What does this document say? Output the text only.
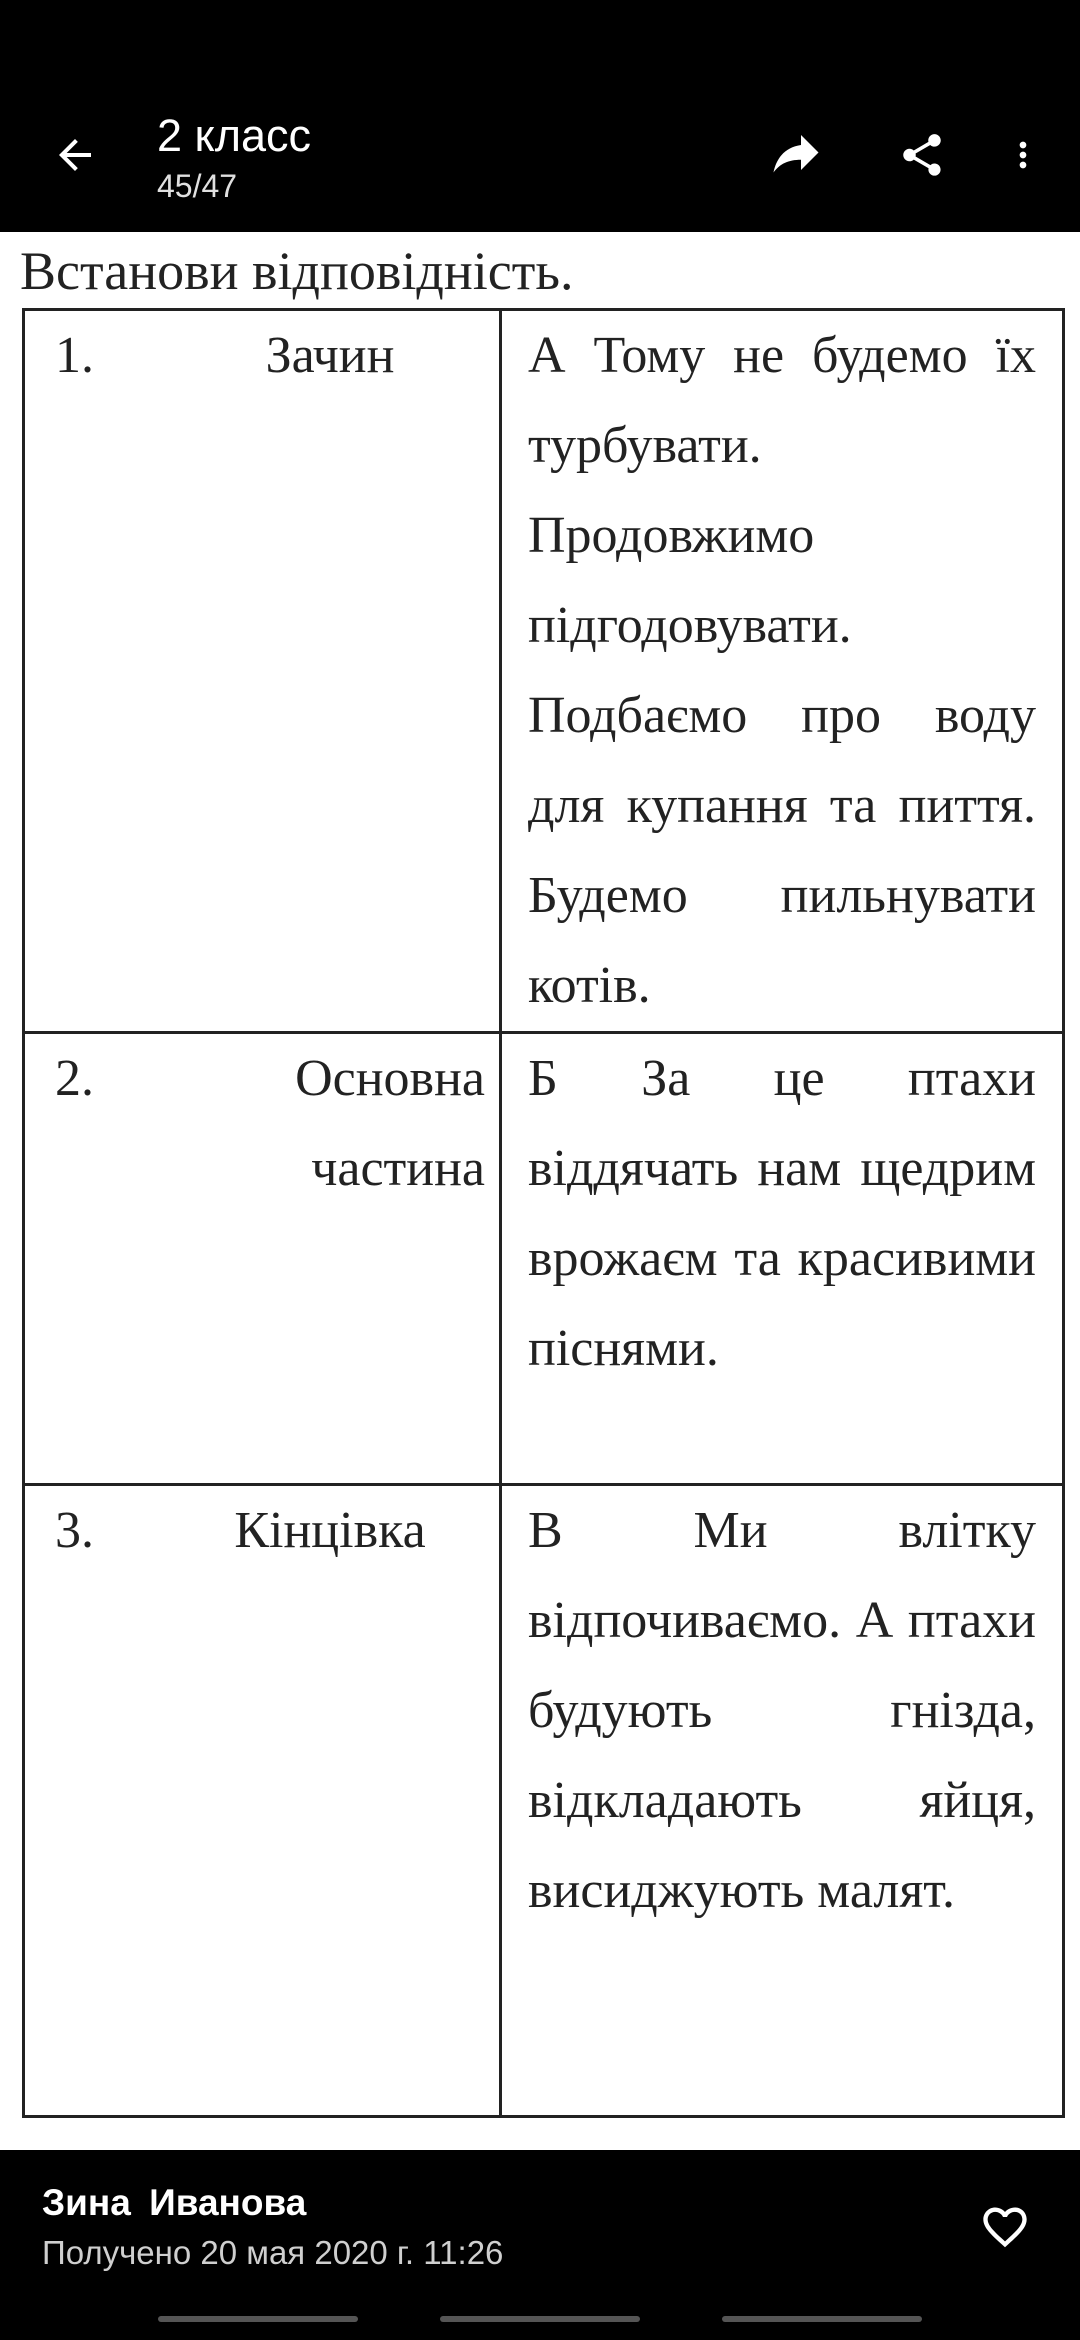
2 класс
45/47
Встанови відповідність.
1. Зачин	А Тому не будемо їх турбувати. Продовжимо підгодовувати. Подбаємо про воду для купання та пиття. Будемо пильнувати котів.

2. Основна частина	Б За це птахи віддячать нам щедрим врожаєм та красивими піснями.

3. Кінцівка	В Ми влітку відпочиваємо. А птахи будують гнізда, відкладають яйця, висиджують малят.
Зина Иванова
Получено 20 мая 2020 г. 11:26
